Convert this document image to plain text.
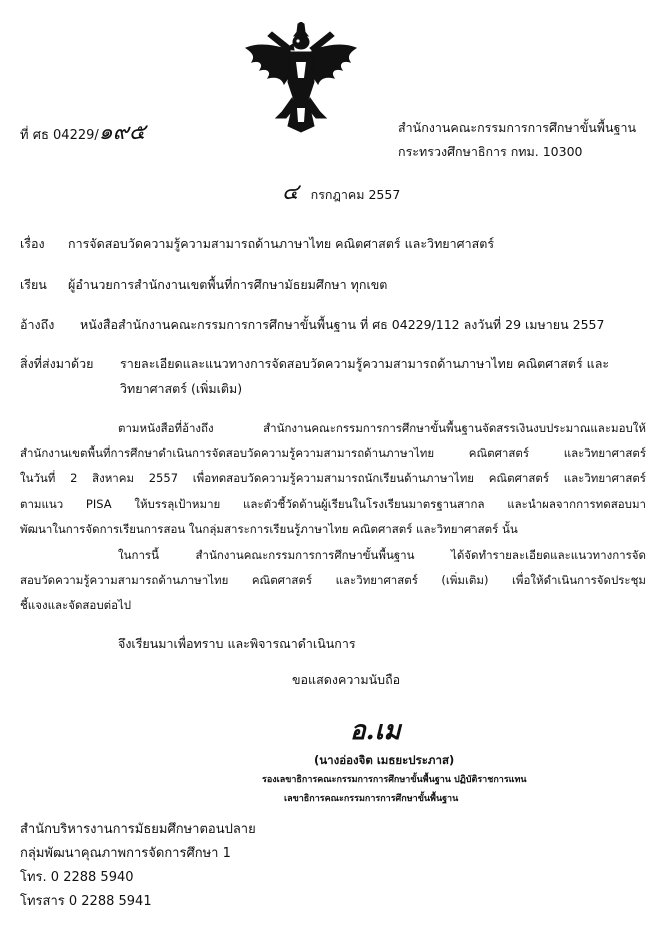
ที่ ศธ 04229/๑๙๕	สำนักงานคณะกรรมการการศึกษาขั้นพื้นฐาน
กระทรวงศึกษาธิการ กทม. 10300
๔ กรกฎาคม 2557
เรื่อง การจัดสอบวัดความรู้ความสามารถด้านภาษาไทย คณิตศาสตร์ และวิทยาศาสตร์
เรียน ผู้อำนวยการสำนักงานเขตพื้นที่การศึกษามัธยมศึกษา ทุกเขต
อ้างถึง หนังสือสำนักงานคณะกรรมการการศึกษาขั้นพื้นฐาน ที่ ศธ 04229/112 ลงวันที่ 29 เมษายน 2557
สิ่งที่ส่งมาด้วย รายละเอียดและแนวทางการจัดสอบวัดความรู้ความสามารถด้านภาษาไทย คณิตศาสตร์ และ
วิทยาศาสตร์ (เพิ่มเติม)
ตามหนังสือที่อ้างถึง สำนักงานคณะกรรมการการศึกษาขั้นพื้นฐานจัดสรรเงินงบประมาณและมอบให้
สำนักงานเขตพื้นที่การศึกษาดำเนินการจัดสอบวัดความรู้ความสามารถด้านภาษาไทย คณิตศาสตร์ และวิทยาศาสตร์
ในวันที่ 2 สิงหาคม 2557 เพื่อทดสอบวัดความรู้ความสามารถนักเรียนด้านภาษาไทย คณิตศาสตร์ และวิทยาศาสตร์
ตามแนว PISA ให้บรรลุเป้าหมาย และตัวชี้วัดด้านผู้เรียนในโรงเรียนมาตรฐานสากล และนำผลจากการทดสอบมา
พัฒนาในการจัดการเรียนการสอน ในกลุ่มสาระการเรียนรู้ภาษาไทย คณิตศาสตร์ และวิทยาศาสตร์ นั้น
ในการนี้ สำนักงานคณะกรรมการการศึกษาขั้นพื้นฐาน ได้จัดทำรายละเอียดและแนวทางการจัด
สอบวัดความรู้ความสามารถด้านภาษาไทย คณิตศาสตร์ และวิทยาศาสตร์ (เพิ่มเติม) เพื่อให้ดำเนินการจัดประชุม
ชี้แจงและจัดสอบต่อไป
จึงเรียนมาเพื่อทราบ และพิจารณาดำเนินการ
ขอแสดงความนับถือ
อ.เม
(นางอ่องจิต เมธยะประภาส)
รองเลขาธิการคณะกรรมการการศึกษาขั้นพื้นฐาน ปฏิบัติราชการแทน
เลขาธิการคณะกรรมการการศึกษาขั้นพื้นฐาน
สำนักบริหารงานการมัธยมศึกษาตอนปลาย
กลุ่มพัฒนาคุณภาพการจัดการศึกษา 1
โทร. 0 2288 5940
โทรสาร 0 2288 5941
